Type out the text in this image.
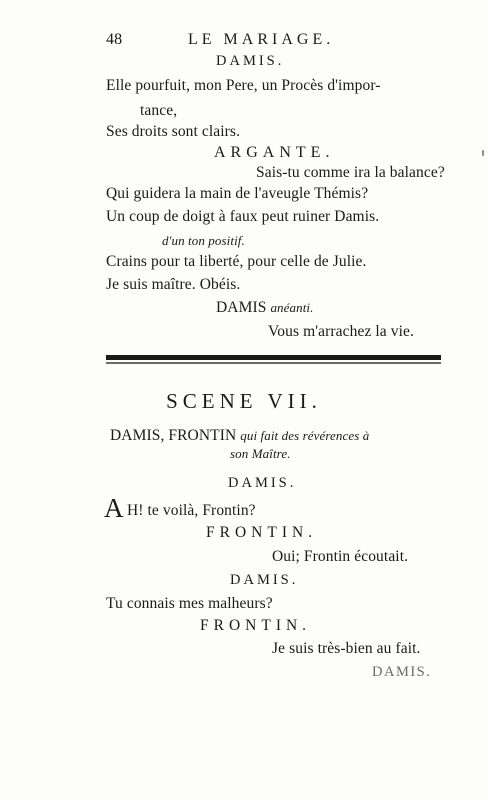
48	LE MARIAGE.
DAMIS.
Elle pourfuit, mon Pere, un Procès d'impor-
tance,
Ses droits sont clairs.
ARGANTE.
Sais-tu comme ira la balance?
Qui guidera la main de l'aveugle Thémis?
Un coup de doigt à faux peut ruiner Damis.
d'un ton positif.
Crains pour ta liberté, pour celle de Julie.
Je suis maître. Obéis.
DAMIS anéanti.
Vous m'arrachez la vie.
SCENE VII.
DAMIS, FRONTIN qui fait des révérences à
son Maître.
DAMIS.
A H! te voilà, Frontin?
FRONTIN.
Oui; Frontin écoutait.
DAMIS.
Tu connais mes malheurs?
FRONTIN.
Je suis très-bien au fait.
DAMIS.
